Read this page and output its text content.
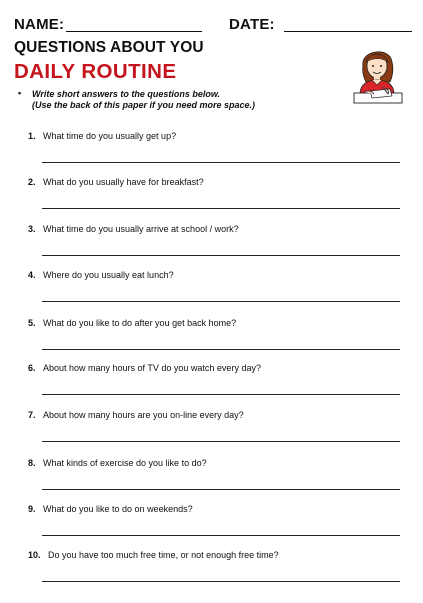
NAME:	DATE:
QUESTIONS ABOUT YOU
DAILY ROUTINE
• Write short answers to the questions below.
(Use the back of this paper if you need more space.)
1. What time do you usually get up?
2. What do you usually have for breakfast?
3. What time do you usually arrive at school / work?
4. Where do you usually eat lunch?
5. What do you like to do after you get back home?
6. About how many hours of TV do you watch every day?
7. About how many hours are you on-line every day?
8. What kinds of exercise do you like to do?
9. What do you like to do on weekends?
10. Do you have too much free time, or not enough free time?
